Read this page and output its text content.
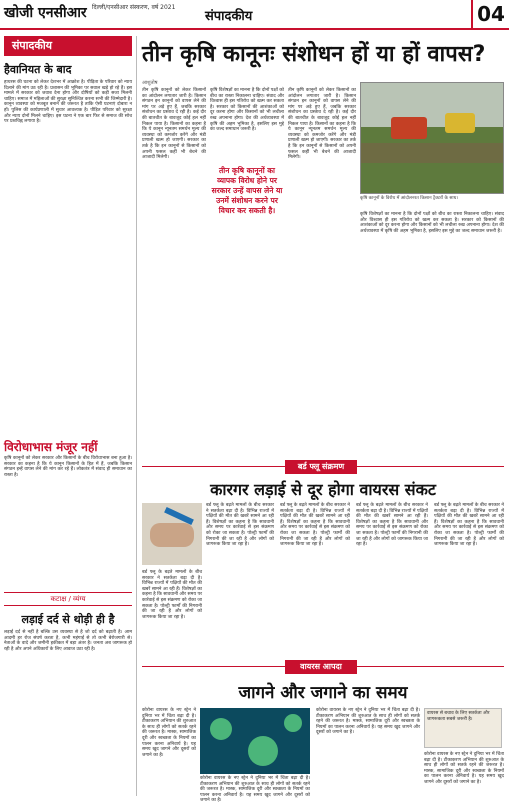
खोजी एनसीआर दिल्ली/एनसीआर संस्करण, वर्ष 2021
संपादकीय	04
संपादकीय
हैवानियत के बाद
हाथरस की घटना को लेकर देशभर में आक्रोश है। पीड़िता के परिवार को न्याय दिलाने की मांग उठ रही है। प्रशासन की भूमिका पर सवाल खड़े हो रहे हैं। इस मामले में सरकार को जवाब देना होगा और दोषियों को कड़ी सजा मिलनी चाहिए। समाज में महिलाओं की सुरक्षा सुनिश्चित करना सभी की जिम्मेदारी है। कानून व्यवस्था को मजबूत बनाने की जरूरत है ताकि ऐसी घटनाएं दोबारा न हों। पुलिस की कार्यप्रणाली में सुधार आवश्यक है। पीड़ित परिवार को सुरक्षा और न्याय दोनों मिलने चाहिए। इस घटना ने एक बार फिर से समाज की सोच पर प्रश्नचिह्न लगाया है।
विरोधाभास मंजूर नहीं
कृषि कानूनों को लेकर सरकार और किसानों के बीच विरोधाभास बना हुआ है। सरकार का कहना है कि ये कानून किसानों के हित में हैं, जबकि किसान संगठन इन्हें वापस लेने की मांग कर रहे हैं। लोकतंत्र में संवाद ही समाधान का रास्ता है।
कटाक्ष / व्यंग्य
लड़ाई दर्द से थोड़ी ही है
लड़ाई दर्द से नहीं है बल्कि उस व्यवस्था से है जो दर्द को बढ़ाती है। आम आदमी हर रोज संघर्ष करता है, कभी महंगाई से तो कभी बेरोजगारी से। नेताओं के वादे और जमीनी हकीकत में बड़ा अंतर है। जनता अब जागरूक हो रही है और अपने अधिकारों के लिए आवाज उठा रही है।
तीन कृषि कानूनः संशोधन हों या हों वापस?
आशुतोष
तीन कृषि कानूनों को लेकर किसानों का आंदोलन लगातार जारी है। किसान संगठन इन कानूनों को वापस लेने की मांग पर अड़े हुए हैं, जबकि सरकार संशोधन का प्रस्ताव दे रही है। कई दौर की बातचीत के बावजूद कोई हल नहीं निकल पाया है। किसानों का कहना है कि ये कानून न्यूनतम समर्थन मूल्य की व्यवस्था को कमजोर करेंगे और मंडी प्रणाली खत्म हो जाएगी। सरकार का तर्क है कि इन कानूनों से किसानों को अपनी फसल कहीं भी बेचने की आजादी मिलेगी।
तीन कृषि कानूनों का व्यापक विरोध होने पर सरकार उन्हें वापस लेने या उनमें संशोधन करने पर विचार कर सकती है।
कृषि विशेषज्ञों का मानना है कि दोनों पक्षों को बीच का रास्ता निकालना चाहिए। संवाद और विश्वास ही इस गतिरोध को खत्म कर सकता है। सरकार को किसानों की आशंकाओं को दूर करना होगा और किसानों को भी लचीला रुख अपनाना होगा। देश की अर्थव्यवस्था में कृषि की अहम भूमिका है, इसलिए इस मुद्दे का जल्द समाधान जरूरी है।
तीन कृषि कानूनों को लेकर किसानों का आंदोलन लगातार जारी है। किसान संगठन इन कानूनों को वापस लेने की मांग पर अड़े हुए हैं, जबकि सरकार संशोधन का प्रस्ताव दे रही है। कई दौर की बातचीत के बावजूद कोई हल नहीं निकल पाया है। किसानों का कहना है कि ये कानून न्यूनतम समर्थन मूल्य की व्यवस्था को कमजोर करेंगे और मंडी प्रणाली खत्म हो जाएगी। सरकार का तर्क है कि इन कानूनों से किसानों को अपनी फसल कहीं भी बेचने की आजादी मिलेगी।
कृषि कानूनों के विरोध में आंदोलनरत किसान ट्रैक्टरों के साथ।
कृषि विशेषज्ञों का मानना है कि दोनों पक्षों को बीच का रास्ता निकालना चाहिए। संवाद और विश्वास ही इस गतिरोध को खत्म कर सकता है। सरकार को किसानों की आशंकाओं को दूर करना होगा और किसानों को भी लचीला रुख अपनाना होगा। देश की अर्थव्यवस्था में कृषि की अहम भूमिका है, इसलिए इस मुद्दे का जल्द समाधान जरूरी है।
बर्ड फ्लू संक्रमण
कारगर लड़ाई से दूर होगा वायरस संकट
बर्ड फ्लू के बढ़ते मामलों के बीच सरकार ने सतर्कता बढ़ा दी है। विभिन्न राज्यों में पक्षियों की मौत की खबरें सामने आ रही हैं। विशेषज्ञों का कहना है कि सावधानी और समय पर कार्रवाई से इस संक्रमण को रोका जा सकता है। पोल्ट्री फार्मों की निगरानी की जा रही है और लोगों को जागरूक किया जा रहा है।
बर्ड फ्लू के बढ़ते मामलों के बीच सरकार ने सतर्कता बढ़ा दी है। विभिन्न राज्यों में पक्षियों की मौत की खबरें सामने आ रही हैं। विशेषज्ञों का कहना है कि सावधानी और समय पर कार्रवाई से इस संक्रमण को रोका जा सकता है। पोल्ट्री फार्मों की निगरानी की जा रही है और लोगों को जागरूक किया जा रहा है।
बर्ड फ्लू के बढ़ते मामलों के बीच सरकार ने सतर्कता बढ़ा दी है। विभिन्न राज्यों में पक्षियों की मौत की खबरें सामने आ रही हैं। विशेषज्ञों का कहना है कि सावधानी और समय पर कार्रवाई से इस संक्रमण को रोका जा सकता है। पोल्ट्री फार्मों की निगरानी की जा रही है और लोगों को जागरूक किया जा रहा है।
बर्ड फ्लू के बढ़ते मामलों के बीच सरकार ने सतर्कता बढ़ा दी है। विभिन्न राज्यों में पक्षियों की मौत की खबरें सामने आ रही हैं। विशेषज्ञों का कहना है कि सावधानी और समय पर कार्रवाई से इस संक्रमण को रोका जा सकता है। पोल्ट्री फार्मों की निगरानी की जा रही है और लोगों को जागरूक किया जा रहा है।
बर्ड फ्लू के बढ़ते मामलों के बीच सरकार ने सतर्कता बढ़ा दी है। विभिन्न राज्यों में पक्षियों की मौत की खबरें सामने आ रही हैं। विशेषज्ञों का कहना है कि सावधानी और समय पर कार्रवाई से इस संक्रमण को रोका जा सकता है। पोल्ट्री फार्मों की निगरानी की जा रही है और लोगों को जागरूक किया जा रहा है।
वायरस आपदा
जागने और जगाने का समय
कोरोना वायरस के नए स्ट्रेन ने दुनिया भर में चिंता बढ़ा दी है। टीकाकरण अभियान की शुरुआत के साथ ही लोगों को सतर्क रहने की जरूरत है। मास्क, सामाजिक दूरी और स्वच्छता के नियमों का पालन करना अनिवार्य है। यह समय खुद जागने और दूसरों को जगाने का है।
कोरोना वायरस के नए स्ट्रेन ने दुनिया भर में चिंता बढ़ा दी है। टीकाकरण अभियान की शुरुआत के साथ ही लोगों को सतर्क रहने की जरूरत है। मास्क, सामाजिक दूरी और स्वच्छता के नियमों का पालन करना अनिवार्य है। यह समय खुद जागने और दूसरों को जगाने का है।
कोरोना वायरस के नए स्ट्रेन ने दुनिया भर में चिंता बढ़ा दी है। टीकाकरण अभियान की शुरुआत के साथ ही लोगों को सतर्क रहने की जरूरत है। मास्क, सामाजिक दूरी और स्वच्छता के नियमों का पालन करना अनिवार्य है। यह समय खुद जागने और दूसरों को जगाने का है।
वायरस से बचाव के लिए सतर्कता और जागरूकता सबसे जरूरी है।
कोरोना वायरस के नए स्ट्रेन ने दुनिया भर में चिंता बढ़ा दी है। टीकाकरण अभियान की शुरुआत के साथ ही लोगों को सतर्क रहने की जरूरत है। मास्क, सामाजिक दूरी और स्वच्छता के नियमों का पालन करना अनिवार्य है। यह समय खुद जागने और दूसरों को जगाने का है।
